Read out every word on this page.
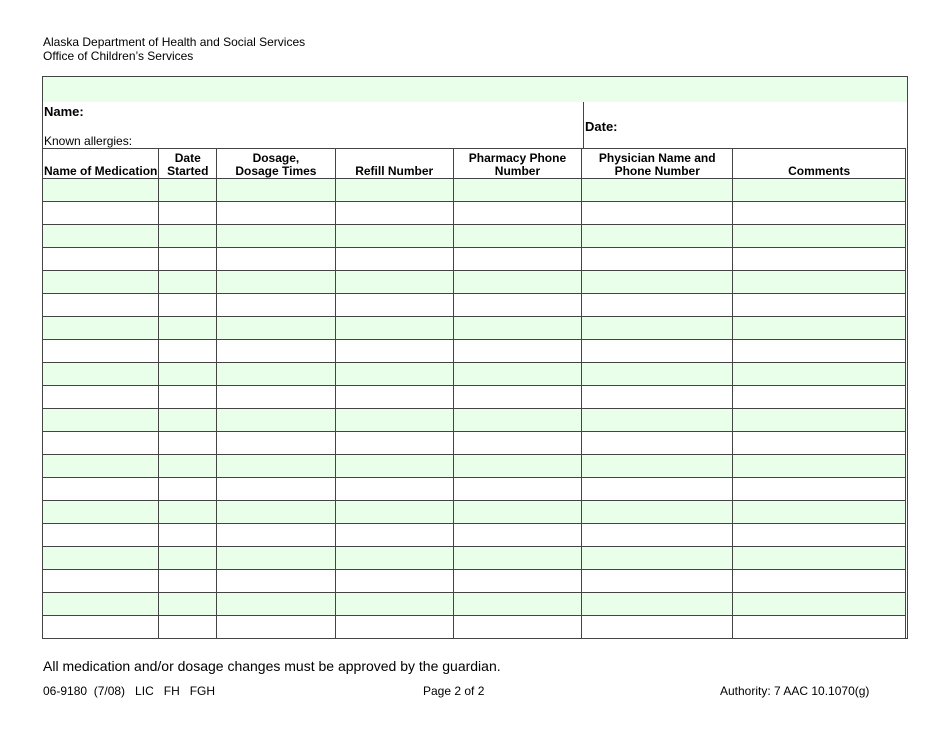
Alaska Department of Health and Social Services
Office of Children’s Services
Name:
Known allergies:
Date:
Name of Medication	Date Started	Dosage, Dosage Times	Refill Number	Pharmacy Phone Number	Physician Name and Phone Number	Comments

All medication and/or dosage changes must be approved by the guardian.
06-9180  (7/08)   LIC   FH   FGH	Page 2 of 2	Authority: 7 AAC 10.1070(g)
